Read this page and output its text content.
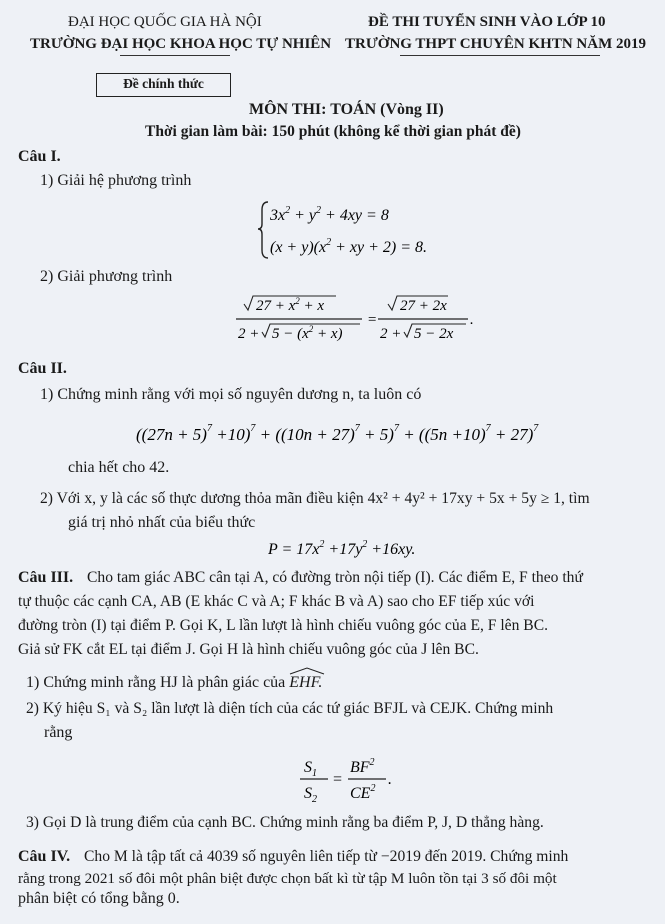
ĐẠI HỌC QUỐC GIA HÀ NỘI
TRƯỜNG ĐẠI HỌC KHOA HỌC TỰ NHIÊN
ĐỀ THI TUYỂN SINH VÀO LỚP 10
TRƯỜNG THPT CHUYÊN KHTN NĂM 2019
Đề chính thức
MÔN THI: TOÁN (Vòng II)
Thời gian làm bài: 150 phút (không kể thời gian phát đề)
Câu I.
1) Giải hệ phương trình
$3x^2 + y^2 + 4xy = 8$
$(x + y)(x^2$ + xy + 2) = 8.
2) Giải phương trình
$27 + x^2 + x$
$2 + 5 - (x^2 + x)$
=
27 + 2x
2 + 5 − 2x
.
Câu II.
1) Chứng minh rằng với mọi số nguyên dương n, ta luôn có
$((27n + 5)^7 +10)^7 + ((10n + 27)^7 + 5)^7 + ((5n +10)^7 + 27)^7$
chia hết cho 42.
2) Với x, y là các số thực dương thỏa mãn điều kiện 4x² + 4y² + 17xy + 5x + 5y ≥ 1, tìm
giá trị nhỏ nhất của biểu thức
$P = 17x^2 +17y^2 +16xy$.
Câu III. Cho tam giác ABC cân tại A, có đường tròn nội tiếp (I). Các điểm E, F theo thứ
tự thuộc các cạnh CA, AB (E khác C và A; F khác B và A) sao cho EF tiếp xúc với
đường tròn (I) tại điểm P. Gọi K, L lần lượt là hình chiếu vuông góc của E, F lên BC.
Giả sử FK cắt EL tại điểm J. Gọi H là hình chiếu vuông góc của J lên BC.
1) Chứng minh rằng HJ là phân giác của EHF.
2) Ký hiệu S₁ và S₂ lần lượt là diện tích của các tứ giác BFJL và CEJK. Chứng minh
rằng
$S_1$
$S_2$
=
$BF^2$
$CE^2$
.
3) Gọi D là trung điểm của cạnh BC. Chứng minh rằng ba điểm P, J, D thẳng hàng.
Câu IV. Cho M là tập tất cả 4039 số nguyên liên tiếp từ −2019 đến 2019. Chứng minh
rằng trong 2021 số đôi một phân biệt được chọn bất kì từ tập M luôn tồn tại 3 số đôi một
phân biệt có tổng bằng 0.
